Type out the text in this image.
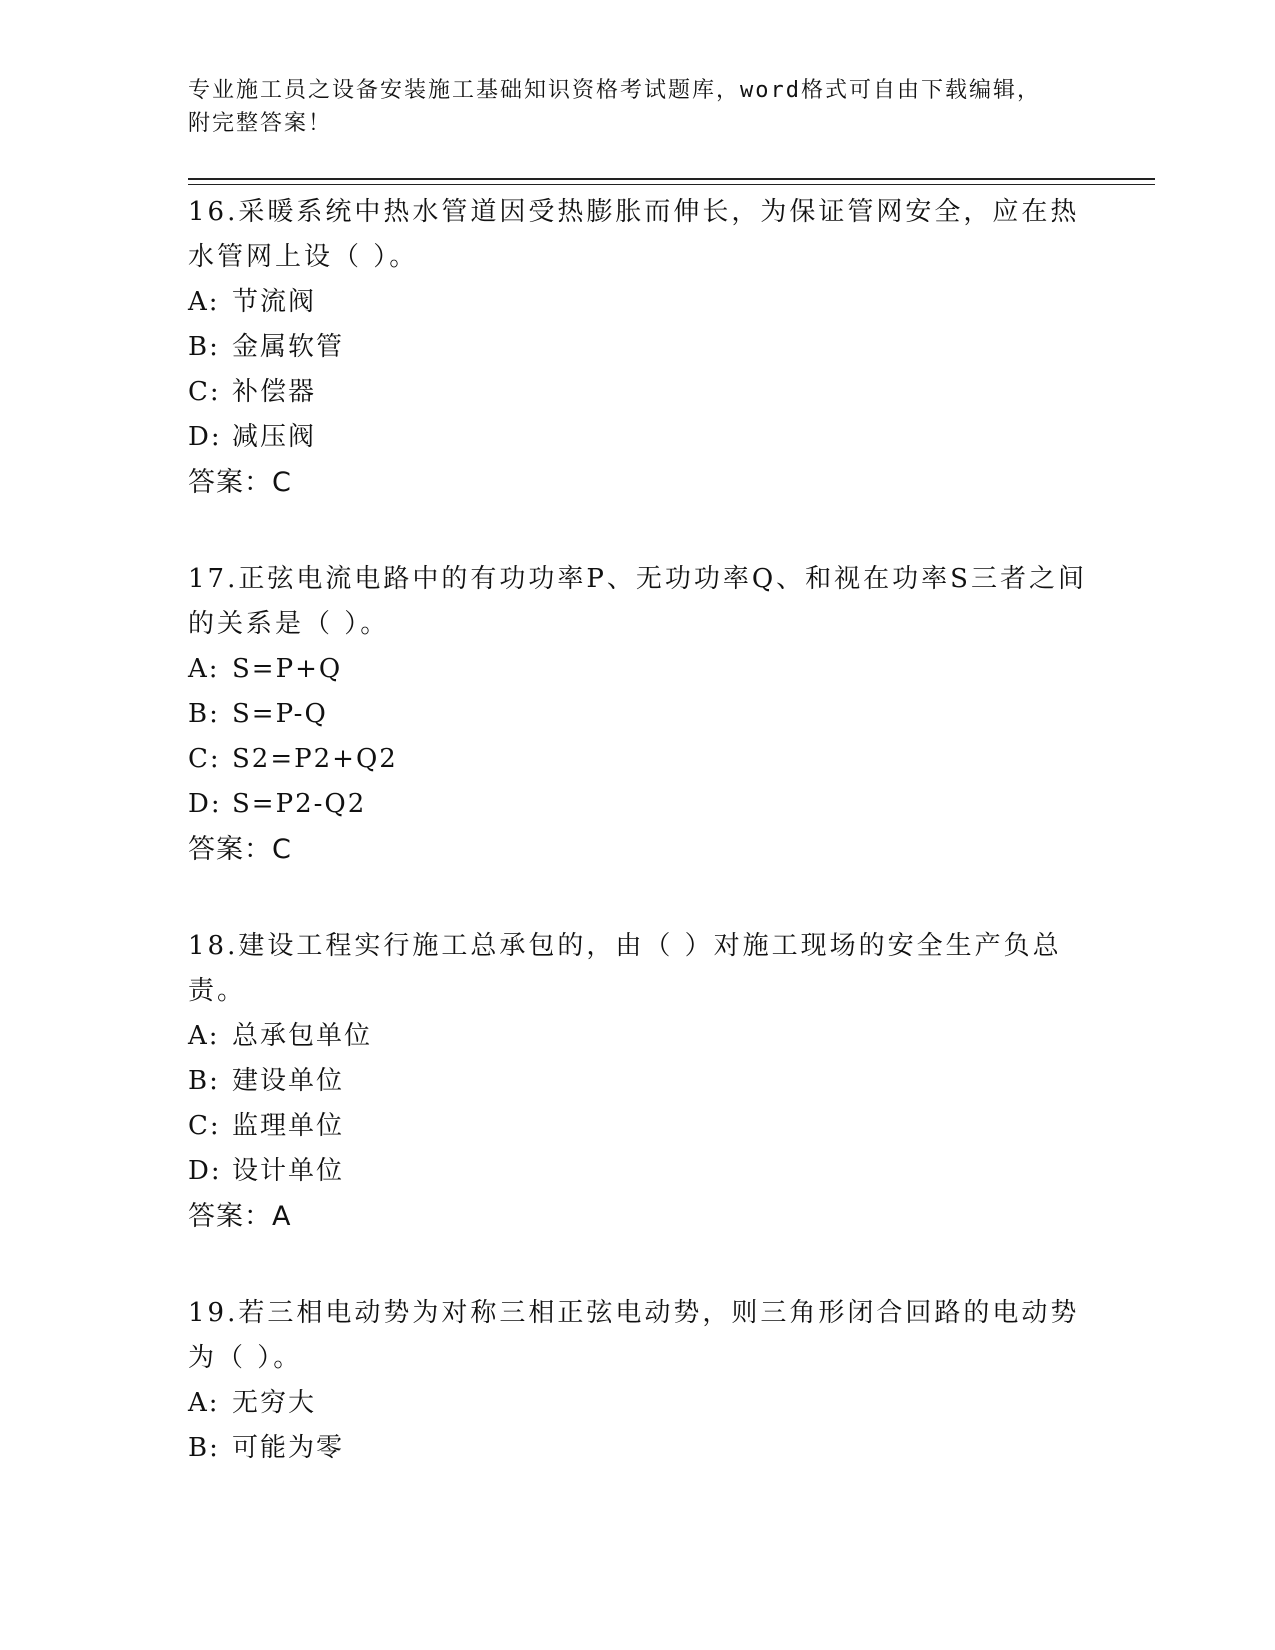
专业施工员之设备安装施工基础知识资格考试题库，word格式可自由下载编辑，
附完整答案！

16.采暖系统中热水管道因受热膨胀而伸长，为保证管网安全，应在热水管网上设（ ）。

A: 节流阀

B: 金属软管

C: 补偿器

D: 减压阀

答案：C

17.正弦电流电路中的有功功率P、无功功率Q、和视在功率S三者之间的关系是（ ）。

A: S=P+Q

B: S=P-Q

C: S2=P2+Q2

D: S=P2-Q2

答案：C

18.建设工程实行施工总承包的，由（ ）对施工现场的安全生产负总责。

A: 总承包单位

B: 建设单位

C: 监理单位

D: 设计单位

答案：A

19.若三相电动势为对称三相正弦电动势，则三角形闭合回路的电动势为（ ）。

A: 无穷大

B: 可能为零
